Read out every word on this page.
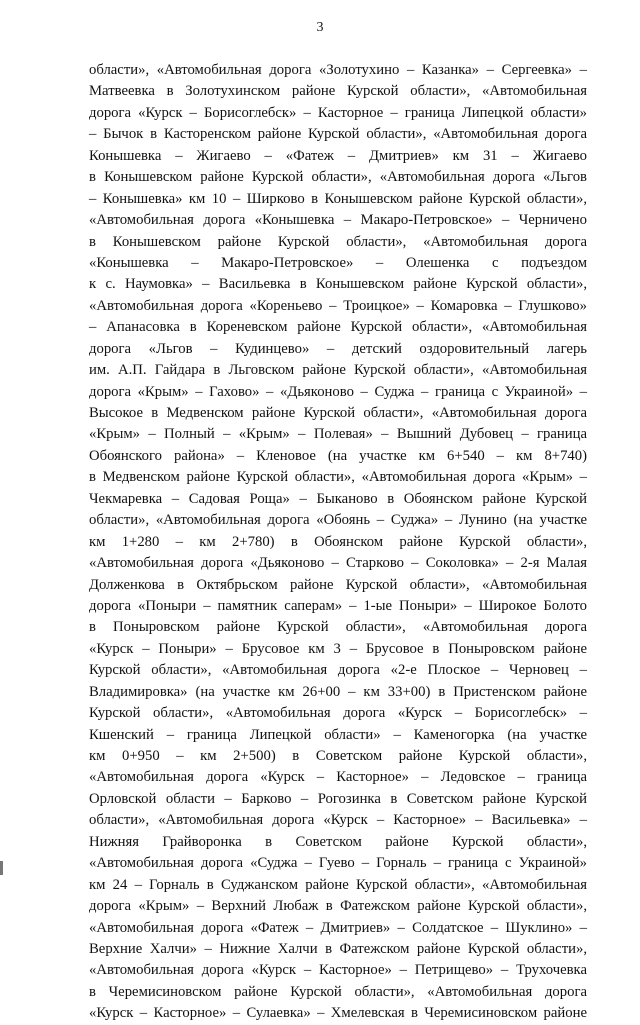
3
области», «Автомобильная дорога «Золотухино – Казанка» – Сергеевка» –
Матвеевка в Золотухинском районе Курской области», «Автомобильная
дорога «Курск – Борисоглебск» – Касторное – граница Липецкой области»
– Бычок в Касторенском районе Курской области», «Автомобильная дорога
Конышевка – Жигаево – «Фатеж – Дмитриев» км 31 – Жигаево
в Конышевском районе Курской области», «Автомобильная дорога «Льгов
– Конышевка» км 10 – Ширково в Конышевском районе Курской области»,
«Автомобильная дорога «Конышевка – Макаро-Петровское» – Черничено
в Конышевском районе Курской области», «Автомобильная дорога
«Конышевка – Макаро-Петровское» – Олешенка с подъездом
к с. Наумовка» – Васильевка в Конышевском районе Курской области»,
«Автомобильная дорога «Кореньево – Троицкое» – Комаровка – Глушково»
– Апанасовка в Кореневском районе Курской области», «Автомобильная
дорога «Льгов – Кудинцево» – детский оздоровительный лагерь
им. А.П. Гайдара в Льговском районе Курской области», «Автомобильная
дорога «Крым» – Гахово» – «Дьяконово – Суджа – граница с Украиной» –
Высокое в Медвенском районе Курской области», «Автомобильная дорога
«Крым» – Полный – «Крым» – Полевая» – Вышний Дубовец – граница
Обоянского района» – Кленовое (на участке км 6+540 – км 8+740)
в Медвенском районе Курской области», «Автомобильная дорога «Крым» –
Чекмаревка – Садовая Роща» – Быканово в Обоянском районе Курской
области», «Автомобильная дорога «Обоянь – Суджа» – Лунино (на участке
км 1+280 – км 2+780) в Обоянском районе Курской области»,
«Автомобильная дорога «Дьяконово – Старково – Соколовка» – 2-я Малая
Долженкова в Октябрьском районе Курской области», «Автомобильная
дорога «Поныри – памятник саперам» – 1-ые Поныри» – Широкое Болото
в Поныровском районе Курской области», «Автомобильная дорога
«Курск – Поныри» – Брусовое км 3 – Брусовое в Поныровском районе
Курской области», «Автомобильная дорога «2-е Плоское – Черновец –
Владимировка» (на участке км 26+00 – км 33+00) в Пристенском районе
Курской области», «Автомобильная дорога «Курск – Борисоглебск» –
Кшенский – граница Липецкой области» – Каменогорка (на участке
км 0+950 – км 2+500) в Советском районе Курской области»,
«Автомобильная дорога «Курск – Касторное» – Ледовское – граница
Орловской области – Барково – Рогозинка в Советском районе Курской
области», «Автомобильная дорога «Курск – Касторное» – Васильевка» –
Нижняя Грайворонка в Советском районе Курской области»,
«Автомобильная дорога «Суджа – Гуево – Горналь – граница с Украиной»
км 24 – Горналь в Суджанском районе Курской области», «Автомобильная
дорога «Крым» – Верхний Любаж в Фатежском районе Курской области»,
«Автомобильная дорога «Фатеж – Дмитриев» – Солдатское – Шуклино» –
Верхние Халчи» – Нижние Халчи в Фатежском районе Курской области»,
«Автомобильная дорога «Курск – Касторное» – Петрищево» – Трухочевка
в Черемисиновском районе Курской области», «Автомобильная дорога
«Курск – Касторное» – Сулаевка» – Хмелевская в Черемисиновском районе
